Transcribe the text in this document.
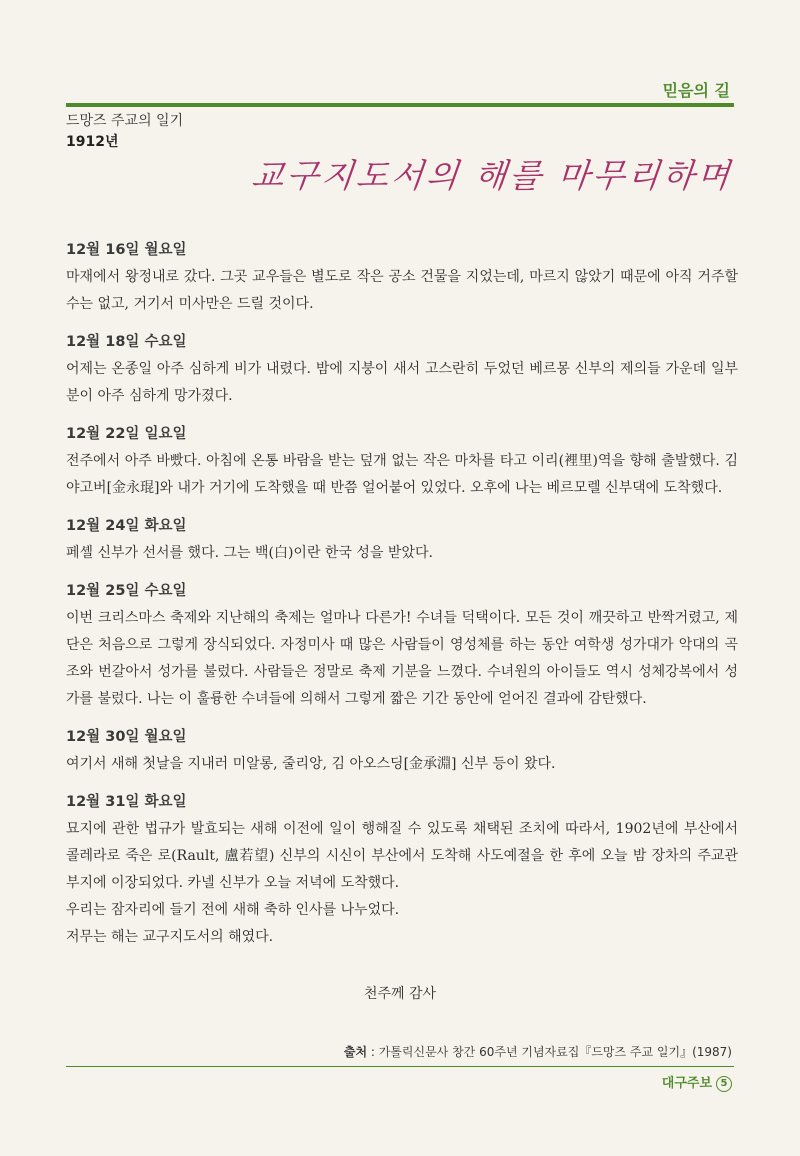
믿음의 길
드망즈 주교의 일기
1912년
교구지도서의 해를 마무리하며
12월 16일 월요일

마재에서 왕정내로 갔다. 그곳 교우들은 별도로 작은 공소 건물을 지었는데, 마르지 않았기 때문에 아직 거주할 수는 없고, 거기서 미사만은 드릴 것이다.

12월 18일 수요일

어제는 온종일 아주 심하게 비가 내렸다. 밤에 지붕이 새서 고스란히 두었던 베르몽 신부의 제의들 가운데 일부분이 아주 심하게 망가졌다.

12월 22일 일요일

전주에서 아주 바빴다. 아침에 온통 바람을 받는 덮개 없는 작은 마차를 타고 이리(裡里)역을 향해 출발했다. 김 야고버[金永琨]와 내가 거기에 도착했을 때 반쯤 얼어붙어 있었다. 오후에 나는 베르모렐 신부댁에 도착했다.

12월 24일 화요일

페셸 신부가 선서를 했다. 그는 백(白)이란 한국 성을 받았다.

12월 25일 수요일

이번 크리스마스 축제와 지난해의 축제는 얼마나 다른가! 수녀들 덕택이다. 모든 것이 깨끗하고 반짝거렸고, 제단은 처음으로 그렇게 장식되었다. 자정미사 때 많은 사람들이 영성체를 하는 동안 여학생 성가대가 악대의 곡조와 번갈아서 성가를 불렀다. 사람들은 정말로 축제 기분을 느꼈다. 수녀원의 아이들도 역시 성체강복에서 성가를 불렀다. 나는 이 훌륭한 수녀들에 의해서 그렇게 짧은 기간 동안에 얻어진 결과에 감탄했다.

12월 30일 월요일

여기서 새해 첫날을 지내러 미알롱, 줄리앙, 김 아오스딩[金承淵] 신부 등이 왔다.

12월 31일 화요일

묘지에 관한 법규가 발효되는 새해 이전에 일이 행해질 수 있도록 채택된 조치에 따라서, 1902년에 부산에서 콜레라로 죽은 로(Rault, 盧若望) 신부의 시신이 부산에서 도착해 사도예절을 한 후에 오늘 밤 장차의 주교관 부지에 이장되었다. 카넬 신부가 오늘 저녁에 도착했다.

우리는 잠자리에 들기 전에 새해 축하 인사를 나누었다.

저무는 해는 교구지도서의 해였다.

천주께 감사
출처 : 가톨릭신문사 창간 60주년 기념자료집『드망즈 주교 일기』(1987)
대구주보 5
